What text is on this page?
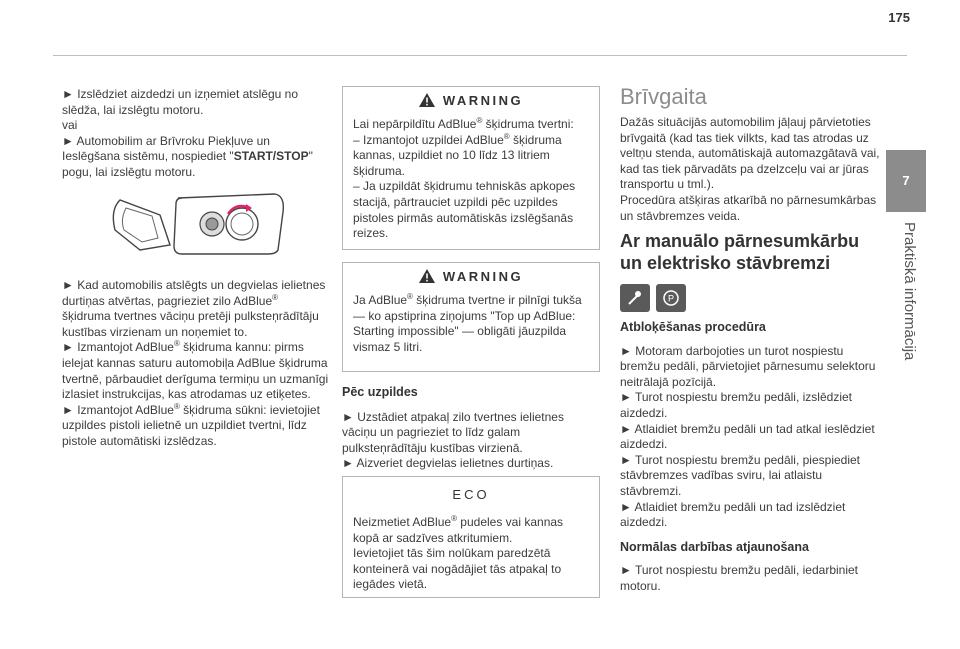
175
7
Praktiskā informācija

► Izslēdziet aizdedzi un izņemiet atslēgu no slēdža, lai izslēgtu motoru.
vai
► Automobilim ar Brīvroku Piekļuve un Ieslēgšana sistēmu, nospiediet "START/STOP" pogu, lai izslēgtu motoru.

► Kad automobilis atslēgts un degvielas ielietnes durtiņas atvērtas, pagrieziet zilo AdBlue® šķidruma tvertnes vāciņu pretēji pulksteņrādītāju kustības virzienam un noņemiet to.

► Izmantojot AdBlue® šķidruma kannu: pirms ielejat kannas saturu automobiļa AdBlue šķidruma tvertnē, pārbaudiet derīguma termiņu un uzmanīgi izlasiet instrukcijas, kas atrodamas uz etiķetes.

► Izmantojot AdBlue® šķidruma sūkni: ievietojiet uzpildes pistoli ielietnē un uzpildiet tvertni, līdz pistole automātiski izslēdzas.

WARNING
Lai nepārpildītu AdBlue® šķidruma tvertni:
– Izmantojot uzpildei AdBlue® šķidruma kannas, uzpildiet no 10 līdz 13 litriem šķidruma.
– Ja uzpildāt šķidrumu tehniskās apkopes stacijā, pārtrauciet uzpildi pēc uzpildes pistoles pirmās automātiskās izslēgšanās reizes.
WARNING
Ja AdBlue® šķidruma tvertne ir pilnīgi tukša — ko apstiprina ziņojums "Top up AdBlue: Starting impossible" — obligāti jāuzpilda vismaz 5 litri.
Pēc uzpildes

► Uzstādiet atpakaļ zilo tvertnes ielietnes vāciņu un pagrieziet to līdz galam pulksteņrādītāju kustības virzienā.

► Aizveriet degvielas ielietnes durtiņas.

ECO
Neizmetiet AdBlue® pudeles vai kannas kopā ar sadzīves atkritumiem.
Ievietojiet tās šim nolūkam paredzētā konteinerā vai nogādājiet tās atpakaļ to iegādes vietā.
Brīvgaita

Dažās situācijās automobilim jāļauj pārvietoties brīvgaitā (kad tas tiek vilkts, kad tas atrodas uz veltņu stenda, automātiskajā automazgātavā vai, kad tas tiek pārvadāts pa dzelzceļu vai ar jūras transportu u tml.).

Procedūra atšķiras atkarībā no pārnesumkārbas un stāvbremzes veida.

Ar manuālo pārnesumkārbu un elektrisko stāvbremzi
P
Atbloķēšanas procedūra

► Motoram darbojoties un turot nospiestu bremžu pedāli, pārvietojiet pārnesumu selektoru neitrālajā pozīcijā.

► Turot nospiestu bremžu pedāli, izslēdziet aizdedzi.

► Atlaidiet bremžu pedāli un tad atkal ieslēdziet aizdedzi.

► Turot nospiestu bremžu pedāli, piespiediet stāvbremzes vadības sviru, lai atlaistu stāvbremzi.

► Atlaidiet bremžu pedāli un tad izslēdziet aizdedzi.

Normālas darbības atjaunošana

► Turot nospiestu bremžu pedāli, iedarbiniet motoru.
